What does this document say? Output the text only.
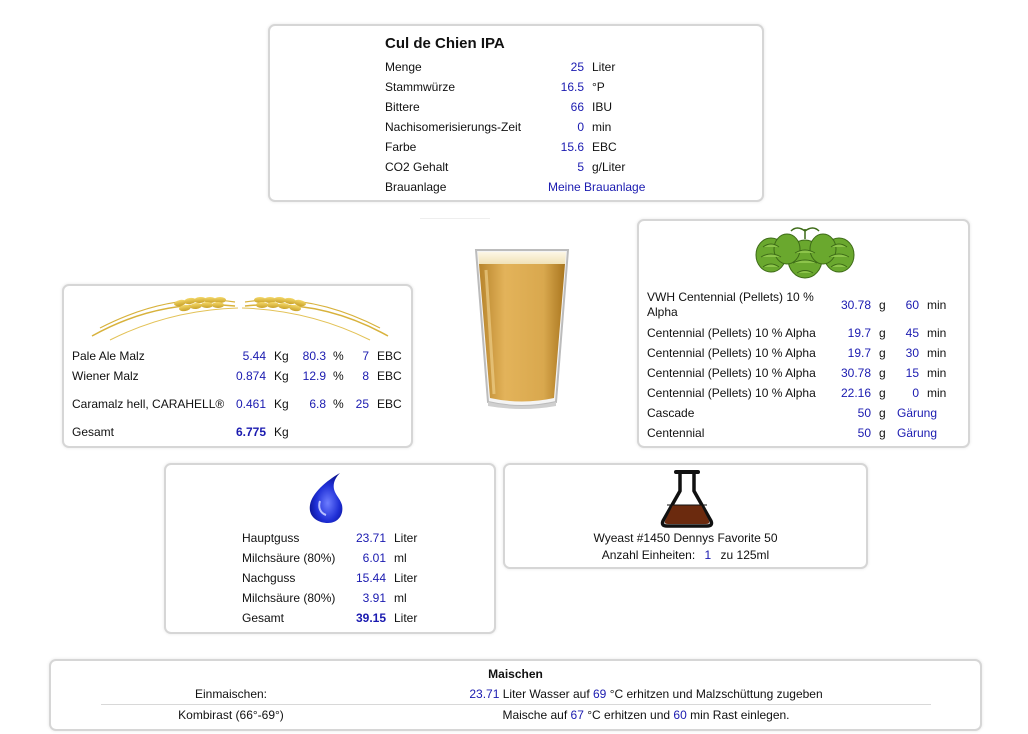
Cul de Chien IPA
Menge	25	Liter
Stammwürze	16.5	°P
Bittere	66	IBU
Nachisomerisierungs-Zeit	0	min
Farbe	15.6	EBC
CO2 Gehalt	5	g/Liter
Brauanlage	Meine Brauanlage	
Pale Ale Malz	5.44	Kg	80.3	%	7	EBC
Wiener Malz	0.874	Kg	12.9	%	8	EBC
Caramalz hell, CARAHELL®	0.461	Kg	6.8	%	25	EBC
Gesamt	6.775	Kg				
VWH Centennial (Pellets) 10 % Alpha	30.78	g	60	min
Centennial (Pellets) 10 % Alpha	19.7	g	45	min
Centennial (Pellets) 10 % Alpha	19.7	g	30	min
Centennial (Pellets) 10 % Alpha	30.78	g	15	min
Centennial (Pellets) 10 % Alpha	22.16	g	0	min
Cascade	50	g	Gärung	
Centennial	50	g	Gärung	
Hauptguss	23.71	Liter
Milchsäure (80%)	6.01	ml
Nachguss	15.44	Liter
Milchsäure (80%)	3.91	ml
Gesamt	39.15	Liter
Wyeast #1450 Dennys Favorite 50
Anzahl Einheiten: 1 zu 125ml
Maischen
Einmaischen:	23.71 Liter Wasser auf 69 °C erhitzen und Malzschüttung zugeben
Kombirast (66°-69°)	Maische auf 67 °C erhitzen und 60 min Rast einlegen.
